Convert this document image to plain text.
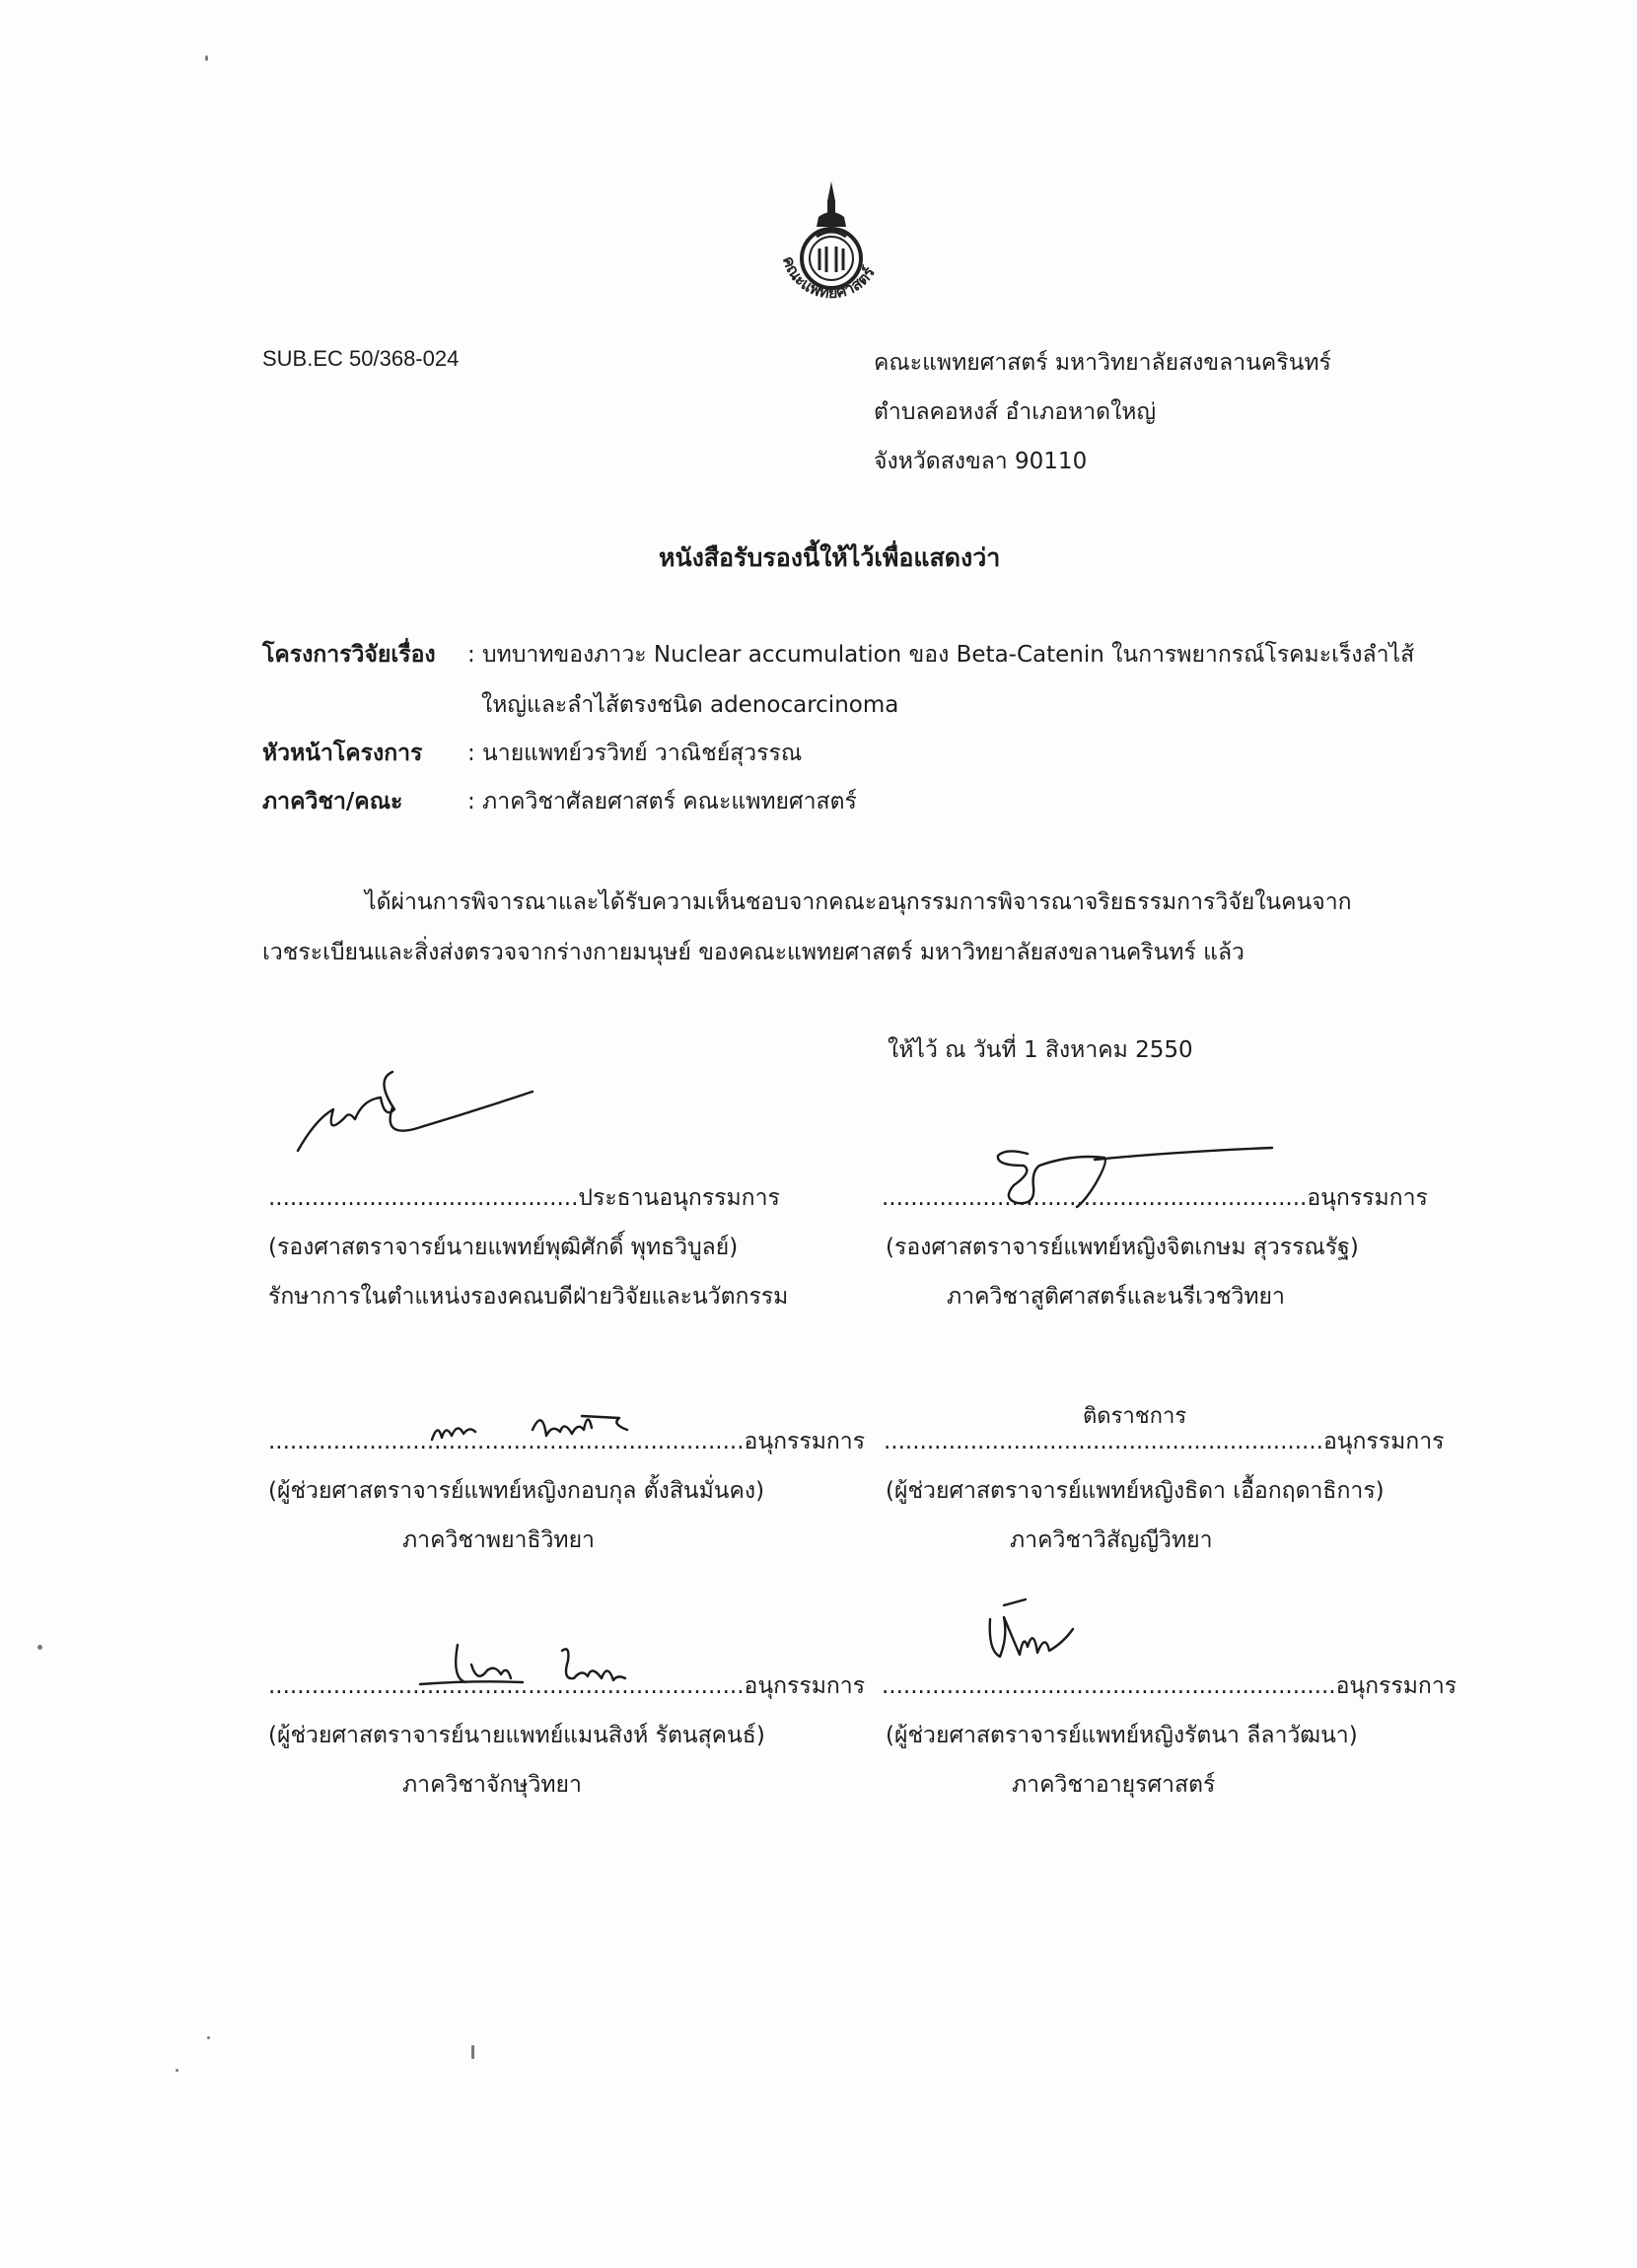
คณะแพทยศาสตร์
SUB.EC 50/368-024	คณะแพทยศาสตร์ มหาวิทยาลัยสงขลานครินทร์
ตำบลคอหงส์ อำเภอหาดใหญ่
จังหวัดสงขลา 90110
หนังสือรับรองนี้ให้ไว้เพื่อแสดงว่า
โครงการวิจัยเรื่อง : บทบาทของภาวะ Nuclear accumulation ของ Beta-Catenin ในการพยากรณ์โรคมะเร็งลำไส้
ใหญ่และลำไส้ตรงชนิด adenocarcinoma
หัวหน้าโครงการ : นายแพทย์วรวิทย์ วาณิชย์สุวรรณ
ภาควิชา/คณะ	: ภาควิชาศัลยศาสตร์ คณะแพทยศาสตร์
ได้ผ่านการพิจารณาและได้รับความเห็นชอบจากคณะอนุกรรมการพิจารณาจริยธรรมการวิจัยในคนจาก
เวชระเบียนและสิ่งส่งตรวจจากร่างกายมนุษย์ ของคณะแพทยศาสตร์ มหาวิทยาลัยสงขลานครินทร์ แล้ว
ให้ไว้ ณ วันที่ 1 สิงหาคม 2550
...........................................ประธานอนุกรรมการ
(รองศาสตราจารย์นายแพทย์พุฒิศักดิ์ พุทธวิบูลย์)
รักษาการในตำแหน่งรองคณบดีฝ่ายวิจัยและนวัตกรรม
...........................................................อนุกรรมการ
(รองศาสตราจารย์แพทย์หญิงจิตเกษม สุวรรณรัฐ)
ภาควิชาสูติศาสตร์และนรีเวชวิทยา
..................................................................อนุกรรมการ
(ผู้ช่วยศาสตราจารย์แพทย์หญิงกอบกุล ตั้งสินมั่นคง)
ภาควิชาพยาธิวิทยา
ติดราชการ
.............................................................อนุกรรมการ
(ผู้ช่วยศาสตราจารย์แพทย์หญิงธิดา เอื้อกฤดาธิการ)
ภาควิชาวิสัญญีวิทยา
..................................................................อนุกรรมการ
(ผู้ช่วยศาสตราจารย์นายแพทย์แมนสิงห์ รัตนสุคนธ์)
ภาควิชาจักษุวิทยา
...............................................................อนุกรรมการ
(ผู้ช่วยศาสตราจารย์แพทย์หญิงรัตนา ลีลาวัฒนา)
ภาควิชาอายุรศาสตร์
